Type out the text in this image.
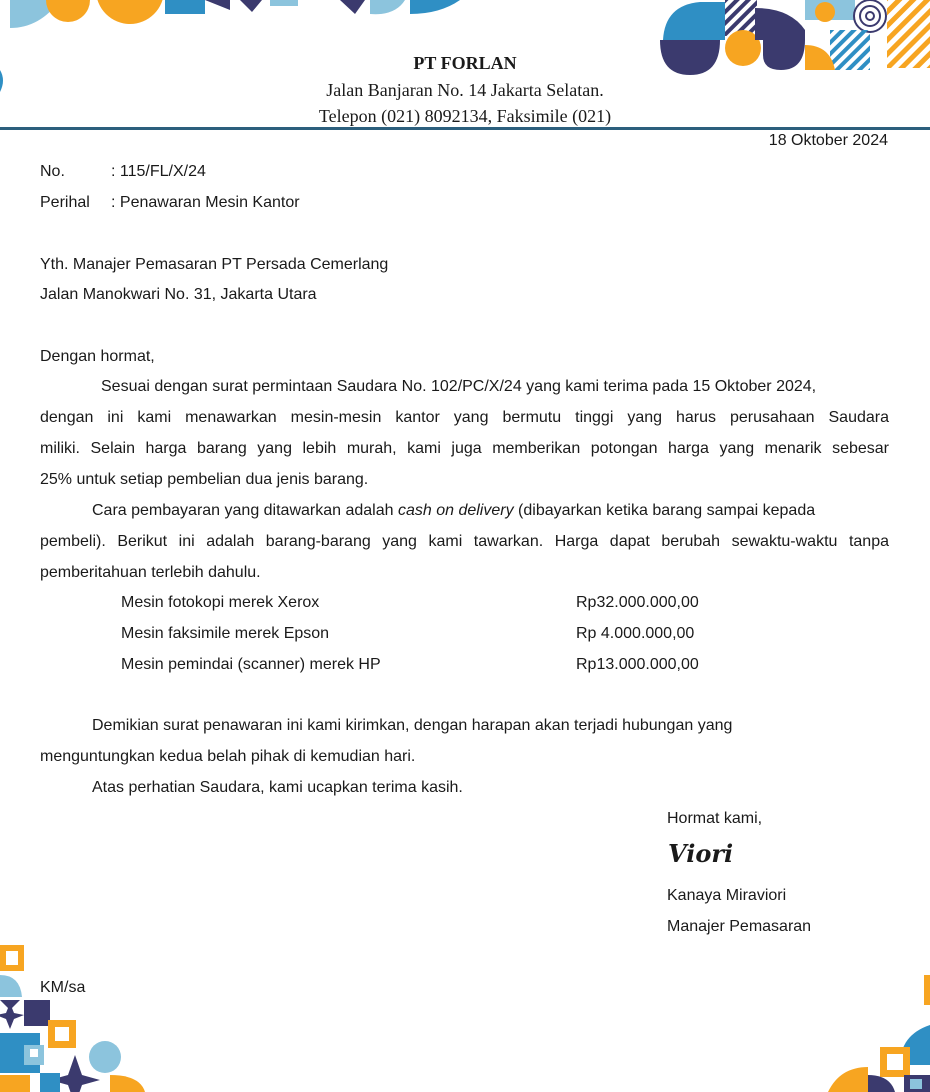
PT FORLAN
Jalan Banjaran No. 14 Jakarta Selatan.
Telepon (021) 8092134, Faksimile (021)
18 Oktober 2024
No.	: 115/FL/X/24
Perihal : Penawaran Mesin Kantor
Yth. Manajer Pemasaran PT Persada Cemerlang
Jalan Manokwari No. 31, Jakarta Utara
Dengan hormat,
Sesuai dengan surat permintaan Saudara No. 102/PC/X/24 yang kami terima pada 15 Oktober 2024,
dengan ini kami menawarkan mesin-mesin kantor yang bermutu tinggi yang harus perusahaan Saudara
miliki. Selain harga barang yang lebih murah, kami juga memberikan potongan harga yang menarik sebesar
25% untuk setiap pembelian dua jenis barang.
Cara pembayaran yang ditawarkan adalah cash on delivery (dibayarkan ketika barang sampai kepada
pembeli). Berikut ini adalah barang-barang yang kami tawarkan. Harga dapat berubah sewaktu-waktu tanpa
pemberitahuan terlebih dahulu.
Mesin fotokopi merek Xerox	Rp32.000.000,00
Mesin faksimile merek Epson	Rp 4.000.000,00
Mesin pemindai (scanner) merek HP	Rp13.000.000,00
Demikian surat penawaran ini kami kirimkan, dengan harapan akan terjadi hubungan yang
menguntungkan kedua belah pihak di kemudian hari.
Atas perhatian Saudara, kami ucapkan terima kasih.
Hormat kami,
Viori
Kanaya Miraviori
Manajer Pemasaran
KM/sa
